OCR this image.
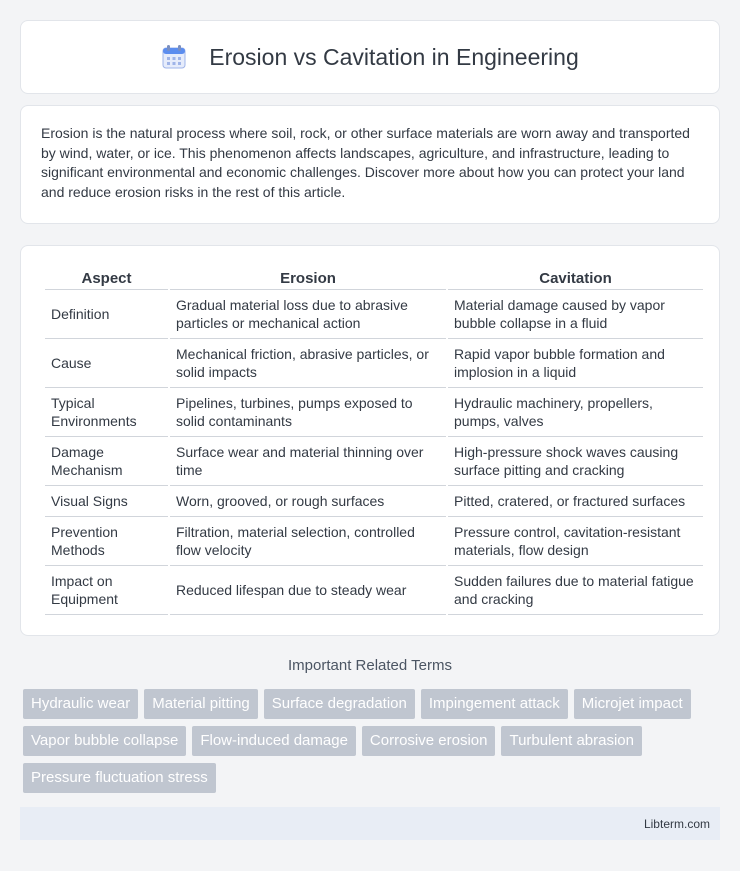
Erosion vs Cavitation in Engineering

Erosion is the natural process where soil, rock, or other surface materials are worn away and transported by wind, water, or ice. This phenomenon affects landscapes, agriculture, and infrastructure, leading to significant environmental and economic challenges. Discover more about how you can protect your land and reduce erosion risks in the rest of this article.

Aspect	Erosion	Cavitation
Definition	Gradual material loss due to abrasive particles or mechanical action	Material damage caused by vapor bubble collapse in a fluid
Cause	Mechanical friction, abrasive particles, or solid impacts	Rapid vapor bubble formation and implosion in a liquid
Typical Environments	Pipelines, turbines, pumps exposed to solid contaminants	Hydraulic machinery, propellers, pumps, valves
Damage Mechanism	Surface wear and material thinning over time	High-pressure shock waves causing surface pitting and cracking
Visual Signs	Worn, grooved, or rough surfaces	Pitted, cratered, or fractured surfaces
Prevention Methods	Filtration, material selection, controlled flow velocity	Pressure control, cavitation-resistant materials, flow design
Impact on Equipment	Reduced lifespan due to steady wear	Sudden failures due to material fatigue and cracking
Important Related Terms
Hydraulic wear	Material pitting	Surface degradation	Impingement attack	Microjet impact
Vapor bubble collapse	Flow-induced damage	Corrosive erosion	Turbulent abrasion
Pressure fluctuation stress
Libterm.com
